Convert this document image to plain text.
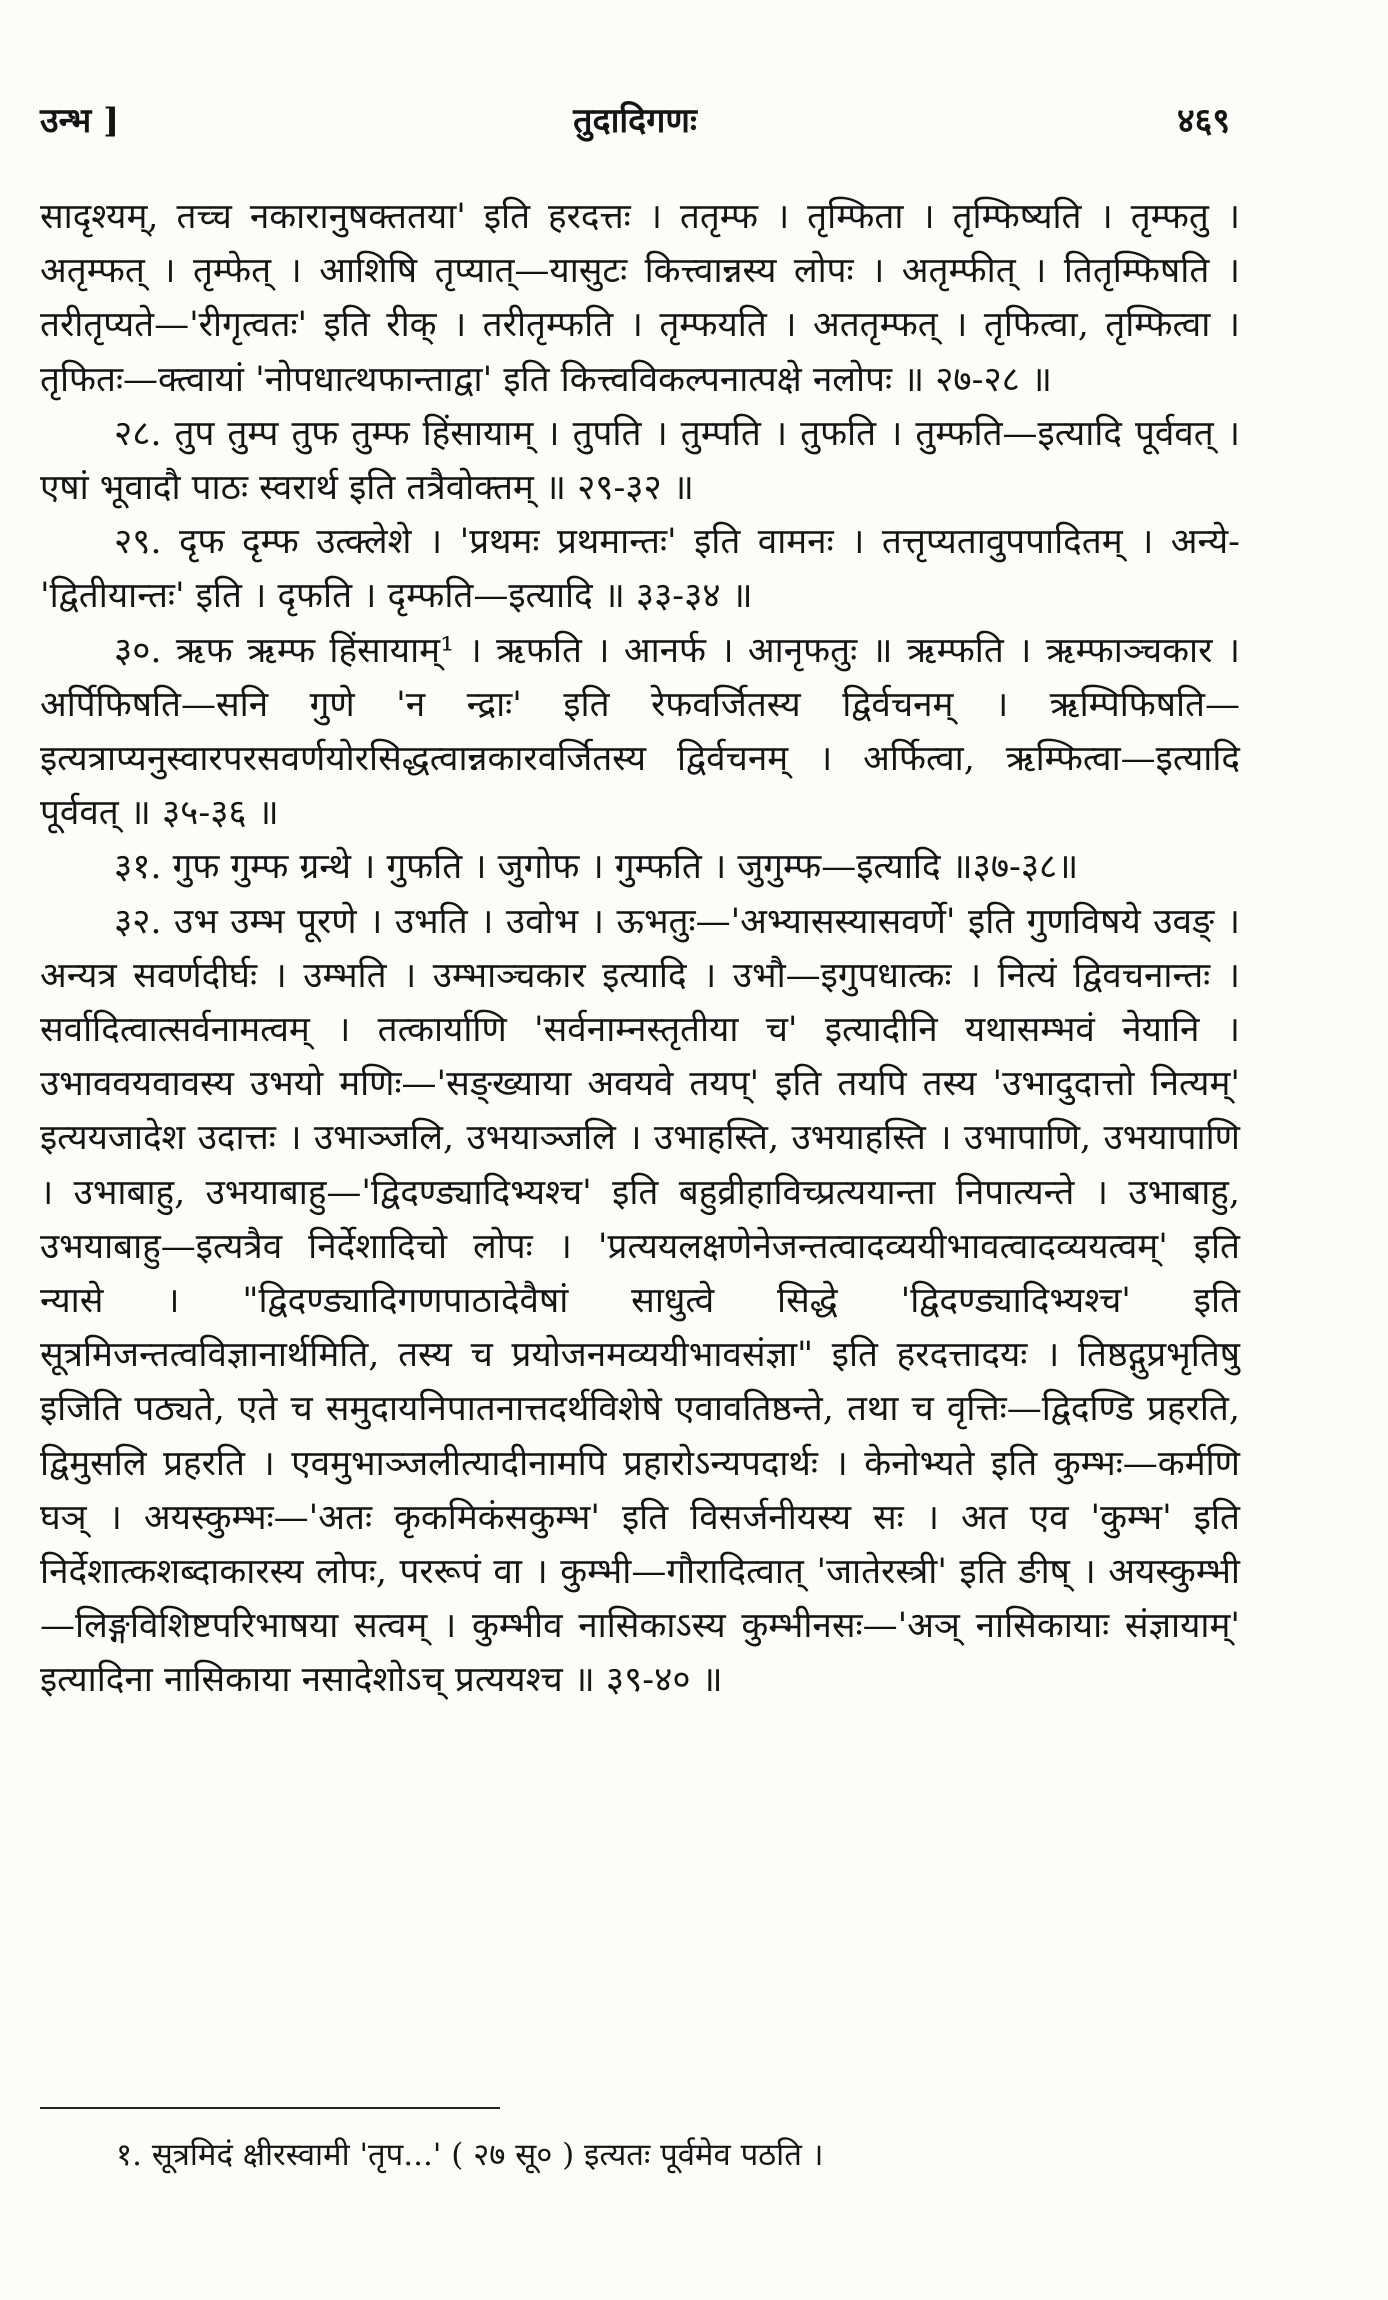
उन्भ ]	तुदादिगणः	४६९

सादृश्यम्, तच्च नकारानुषक्ततया' इति हरदत्तः । ततृम्फ । तृम्फिता । तृम्फिष्यति । तृम्फतु । अतृम्फत् । तृम्फेत् । आशिषि तृप्यात्—यासुटः कित्त्वान्नस्य लोपः । अतृम्फीत् । तितृम्फिषति । तरीतृप्यते—'रीगृत्वतः' इति रीक् । तरीतृम्फति । तृम्फयति । अततृम्फत् । तृफित्वा, तृम्फित्वा । तृफितः—क्त्वायां 'नोपधात्थफान्ताद्वा' इति कित्त्वविकल्पनात्पक्षे नलोपः ॥ २७-२८ ॥

२८. तुप तुम्प तुफ तुम्फ हिंसायाम् । तुपति । तुम्पति । तुफति । तुम्फति—इत्यादि पूर्ववत् । एषां भूवादौ पाठः स्वरार्थ इति तत्रैवोक्तम् ॥ २९-३२ ॥

२९. दृफ दृम्फ उत्क्लेशे । 'प्रथमः प्रथमान्तः' इति वामनः । तत्तृप्यतावुपपादितम् । अन्ये-'द्वितीयान्तः' इति । दृफति । दृम्फति—इत्यादि ॥ ३३-३४ ॥

३०. ऋफ ऋम्फ हिंसायाम्¹ । ऋफति । आनर्फ । आनृफतुः ॥ ऋम्फति । ऋम्फाञ्चकार । अर्पिफिषति—सनि गुणे 'न न्द्राः' इति रेफवर्जितस्य द्विर्वचनम् । ऋम्पिफिषति—इत्यत्राप्यनुस्वारपरसवर्णयोरसिद्धत्वान्नकारवर्जितस्य द्विर्वचनम् । अर्फित्वा, ऋम्फित्वा—इत्यादि पूर्ववत् ॥ ३५-३६ ॥

३१. गुफ गुम्फ ग्रन्थे । गुफति । जुगोफ । गुम्फति । जुगुम्फ—इत्यादि ॥३७-३८॥

३२. उभ उम्भ पूरणे । उभति । उवोभ । ऊभतुः—'अभ्यासस्यासवर्णे' इति गुणविषये उवङ् । अन्यत्र सवर्णदीर्घः । उम्भति । उम्भाञ्चकार इत्यादि । उभौ—इगुपधात्कः । नित्यं द्विवचनान्तः । सर्वादित्वात्सर्वनामत्वम् । तत्कार्याणि 'सर्वनाम्नस्तृतीया च' इत्यादीनि यथासम्भवं नेयानि । उभाववयवावस्य उभयो मणिः—'सङ्ख्याया अवयवे तयप्' इति तयपि तस्य 'उभादुदात्तो नित्यम्' इत्ययजादेश उदात्तः । उभाञ्जलि, उभयाञ्जलि । उभाहस्ति, उभयाहस्ति । उभापाणि, उभयापाणि । उभाबाहु, उभयाबाहु—'द्विदण्ड्यादिभ्यश्च' इति बहुव्रीहाविच्प्रत्ययान्ता निपात्यन्ते । उभाबाहु, उभयाबाहु—इत्यत्रैव निर्देशादिचो लोपः । 'प्रत्ययलक्षणेनेजन्तत्वादव्ययीभावत्वादव्ययत्वम्' इति न्यासे । "द्विदण्ड्यादिगणपाठादेवैषां साधुत्वे सिद्धे 'द्विदण्ड्यादिभ्यश्च' इति सूत्रमिजन्तत्वविज्ञानार्थमिति, तस्य च प्रयोजनमव्ययीभावसंज्ञा" इति हरदत्तादयः । तिष्ठद्गुप्रभृतिषु इजिति पठ्यते, एते च समुदायनिपातनात्तदर्थविशेषे एवावतिष्ठन्ते, तथा च वृत्तिः—द्विदण्डि प्रहरति, द्विमुसलि प्रहरति । एवमुभाञ्जलीत्यादीनामपि प्रहारोऽन्यपदार्थः । केनोभ्यते इति कुम्भः—कर्मणि घञ् । अयस्कुम्भः—'अतः कृकमिकंसकुम्भ' इति विसर्जनीयस्य सः । अत एव 'कुम्भ' इति निर्देशात्कशब्दाकारस्य लोपः, पररूपं वा । कुम्भी—गौरादित्वात् 'जातेरस्त्री' इति ङीष् । अयस्कुम्भी—लिङ्गविशिष्टपरिभाषया सत्वम् । कुम्भीव नासिकाऽस्य कुम्भीनसः—'अञ् नासिकायाः संज्ञायाम्' इत्यादिना नासिकाया नसादेशोऽच् प्रत्ययश्च ॥ ३९-४० ॥

१. सूत्रमिदं क्षीरस्वामी 'तृप...' ( २७ सू० ) इत्यतः पूर्वमेव पठति ।
